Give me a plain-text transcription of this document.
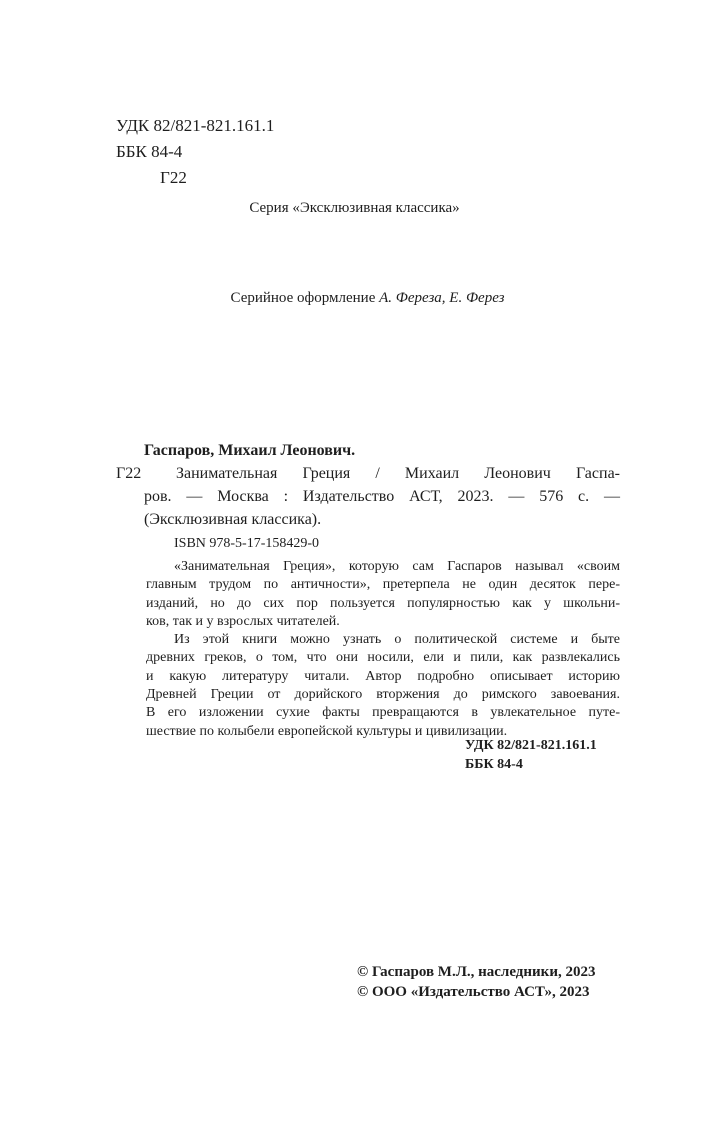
УДК 82/821-821.161.1
ББК 84-4
Г22
Серия «Эксклюзивная классика»
Серийное оформление А. Фереза, Е. Ферез
Гаспаров, Михаил Леонович.
Г22	Занимательная Греция / Михаил Леонович Гаспа-
ров. — Москва : Издательство АСТ, 2023. — 576 с. —
(Эксклюзивная классика).
ISBN 978-5-17-158429-0
«Занимательная Греция», которую сам Гаспаров называл «своим
главным трудом по античности», претерпела не один десяток пере-
изданий, но до сих пор пользуется популярностью как у школьни-
ков, так и у взрослых читателей.
Из этой книги можно узнать о политической системе и быте
древних греков, о том, что они носили, ели и пили, как развлекались
и какую литературу читали. Автор подробно описывает историю
Древней Греции от дорийского вторжения до римского завоевания.
В его изложении сухие факты превращаются в увлекательное путе-
шествие по колыбели европейской культуры и цивилизации.
УДК 82/821-821.161.1
ББК 84-4
© Гаспаров М.Л., наследники, 2023
© ООО «Издательство АСТ», 2023
